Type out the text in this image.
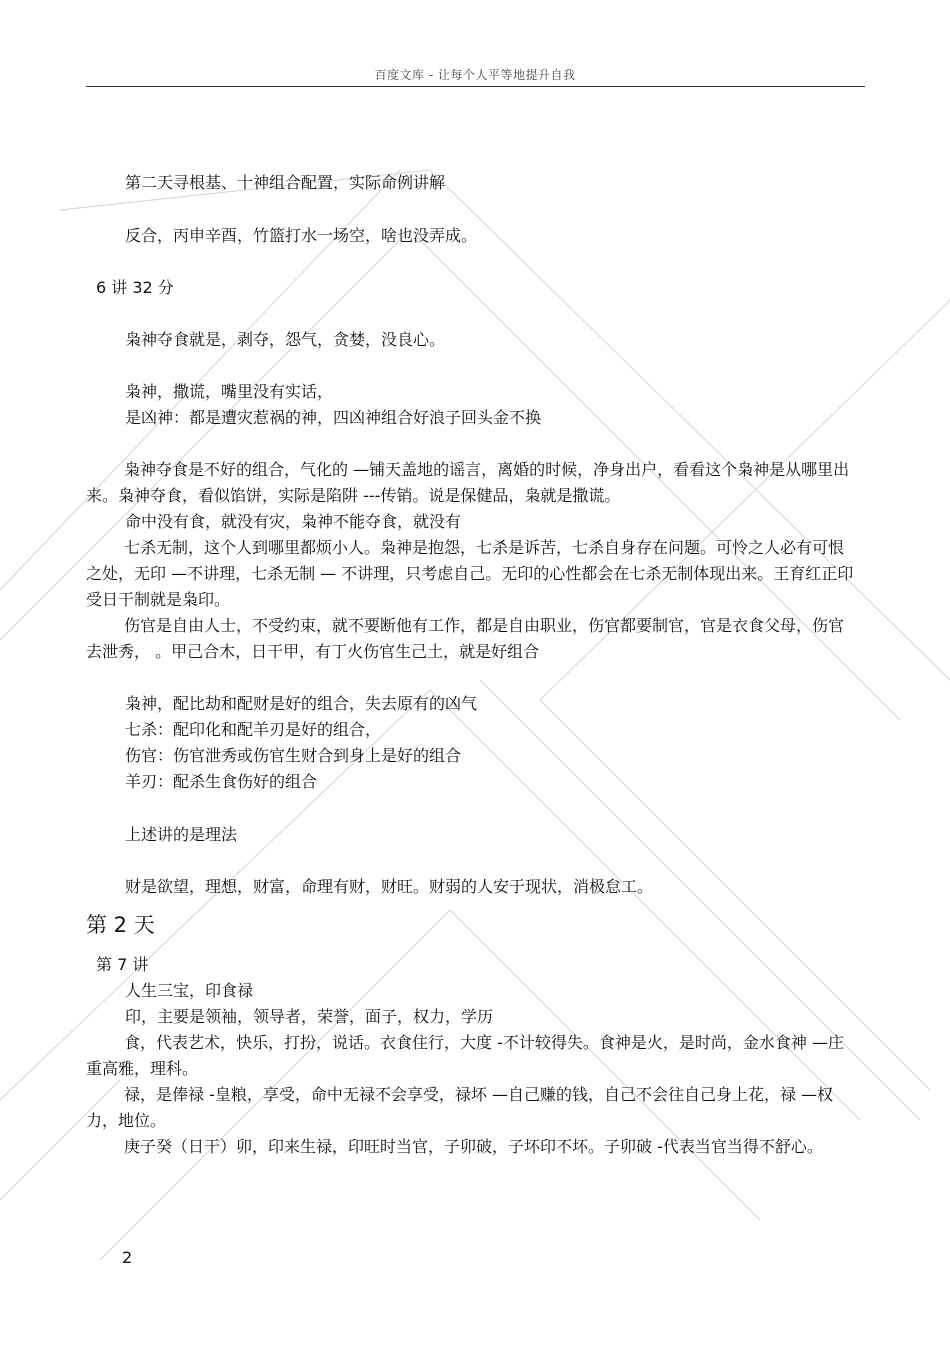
百度文库 - 让每个人平等地提升自我
第二天寻根基、十神组合配置，实际命例讲解
反合，丙申辛酉，竹篮打水一场空，啥也没弄成。
6 讲 32 分
枭神夺食就是，剥夺，怨气，贪婪，没良心。
枭神，撒谎，嘴里没有实话，
是凶神：都是遭灾惹祸的神，四凶神组合好浪子回头金不换
枭神夺食是不好的组合，气化的 —铺天盖地的谣言，离婚的时候，净身出户，看看这个枭神是从哪里出来。枭神夺食，看似馅饼，实际是陷阱 ---传销。说是保健品，枭就是撒谎。
命中没有食，就没有灾，枭神不能夺食，就没有
七杀无制，这个人到哪里都烦小人。枭神是抱怨，七杀是诉苦，七杀自身存在问题。可怜之人必有可恨之处，无印 —不讲理，七杀无制 — 不讲理，只考虑自己。无印的心性都会在七杀无制体现出来。王育红正印受日干制就是枭印。
伤官是自由人士，不受约束，就不要断他有工作，都是自由职业，伤官都要制官，官是衣食父母，伤官去泄秀， 。甲己合木，日干甲，有丁火伤官生己土，就是好组合
枭神，配比劫和配财是好的组合，失去原有的凶气
七杀：配印化和配羊刃是好的组合，
伤官：伤官泄秀或伤官生财合到身上是好的组合
羊刃：配杀生食伤好的组合
上述讲的是理法
财是欲望，理想，财富，命理有财，财旺。财弱的人安于现状，消极怠工。
第 2 天
第 7 讲
人生三宝，印食禄
印，主要是领袖，领导者，荣誉，面子，权力，学历
食，代表艺术，快乐，打扮，说话。衣食住行，大度 -不计较得失。食神是火，是时尚，金水食神 —庄重高雅，理科。
禄，是俸禄 -皇粮，享受，命中无禄不会享受，禄坏 —自己赚的钱，自己不会往自己身上花，禄 —权力，地位。
庚子癸（日干）卯，印来生禄，印旺时当官，子卯破，子坏印不坏。子卯破 -代表当官当得不舒心。
2
